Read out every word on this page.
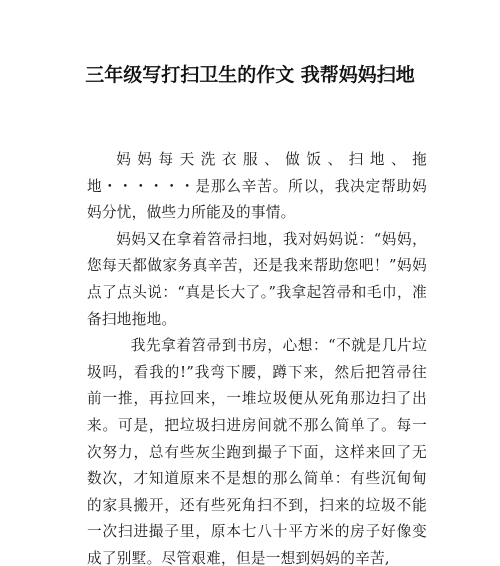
三年级写打扫卫生的作文 我帮妈妈扫地

妈妈每天洗衣服、做饭、扫地、拖地・・・・・・是那么辛苦。所以，我决定帮助妈妈分忧，做些力所能及的事情。

妈妈又在拿着笤帚扫地，我对妈妈说：“妈妈，您每天都做家务真辛苦，还是我来帮助您吧！”妈妈点了点头说：“真是长大了。”我拿起笤帚和毛巾，准备扫地拖地。

我先拿着笤帚到书房，心想：“不就是几片垃圾吗，看我的!”我弯下腰，蹲下来，然后把笤帚往前一推，再拉回来，一堆垃圾便从死角那边扫了出来。可是，把垃圾扫进房间就不那么简单了。每一次努力，总有些灰尘跑到撮子下面，这样来回了无数次，才知道原来不是想的那么简单：有些沉甸甸的家具搬开，还有些死角扫不到，扫来的垃圾不能一次扫进撮子里，原本七八十平方米的房子好像变成了别墅。尽管艰难，但是一想到妈妈的辛苦,
